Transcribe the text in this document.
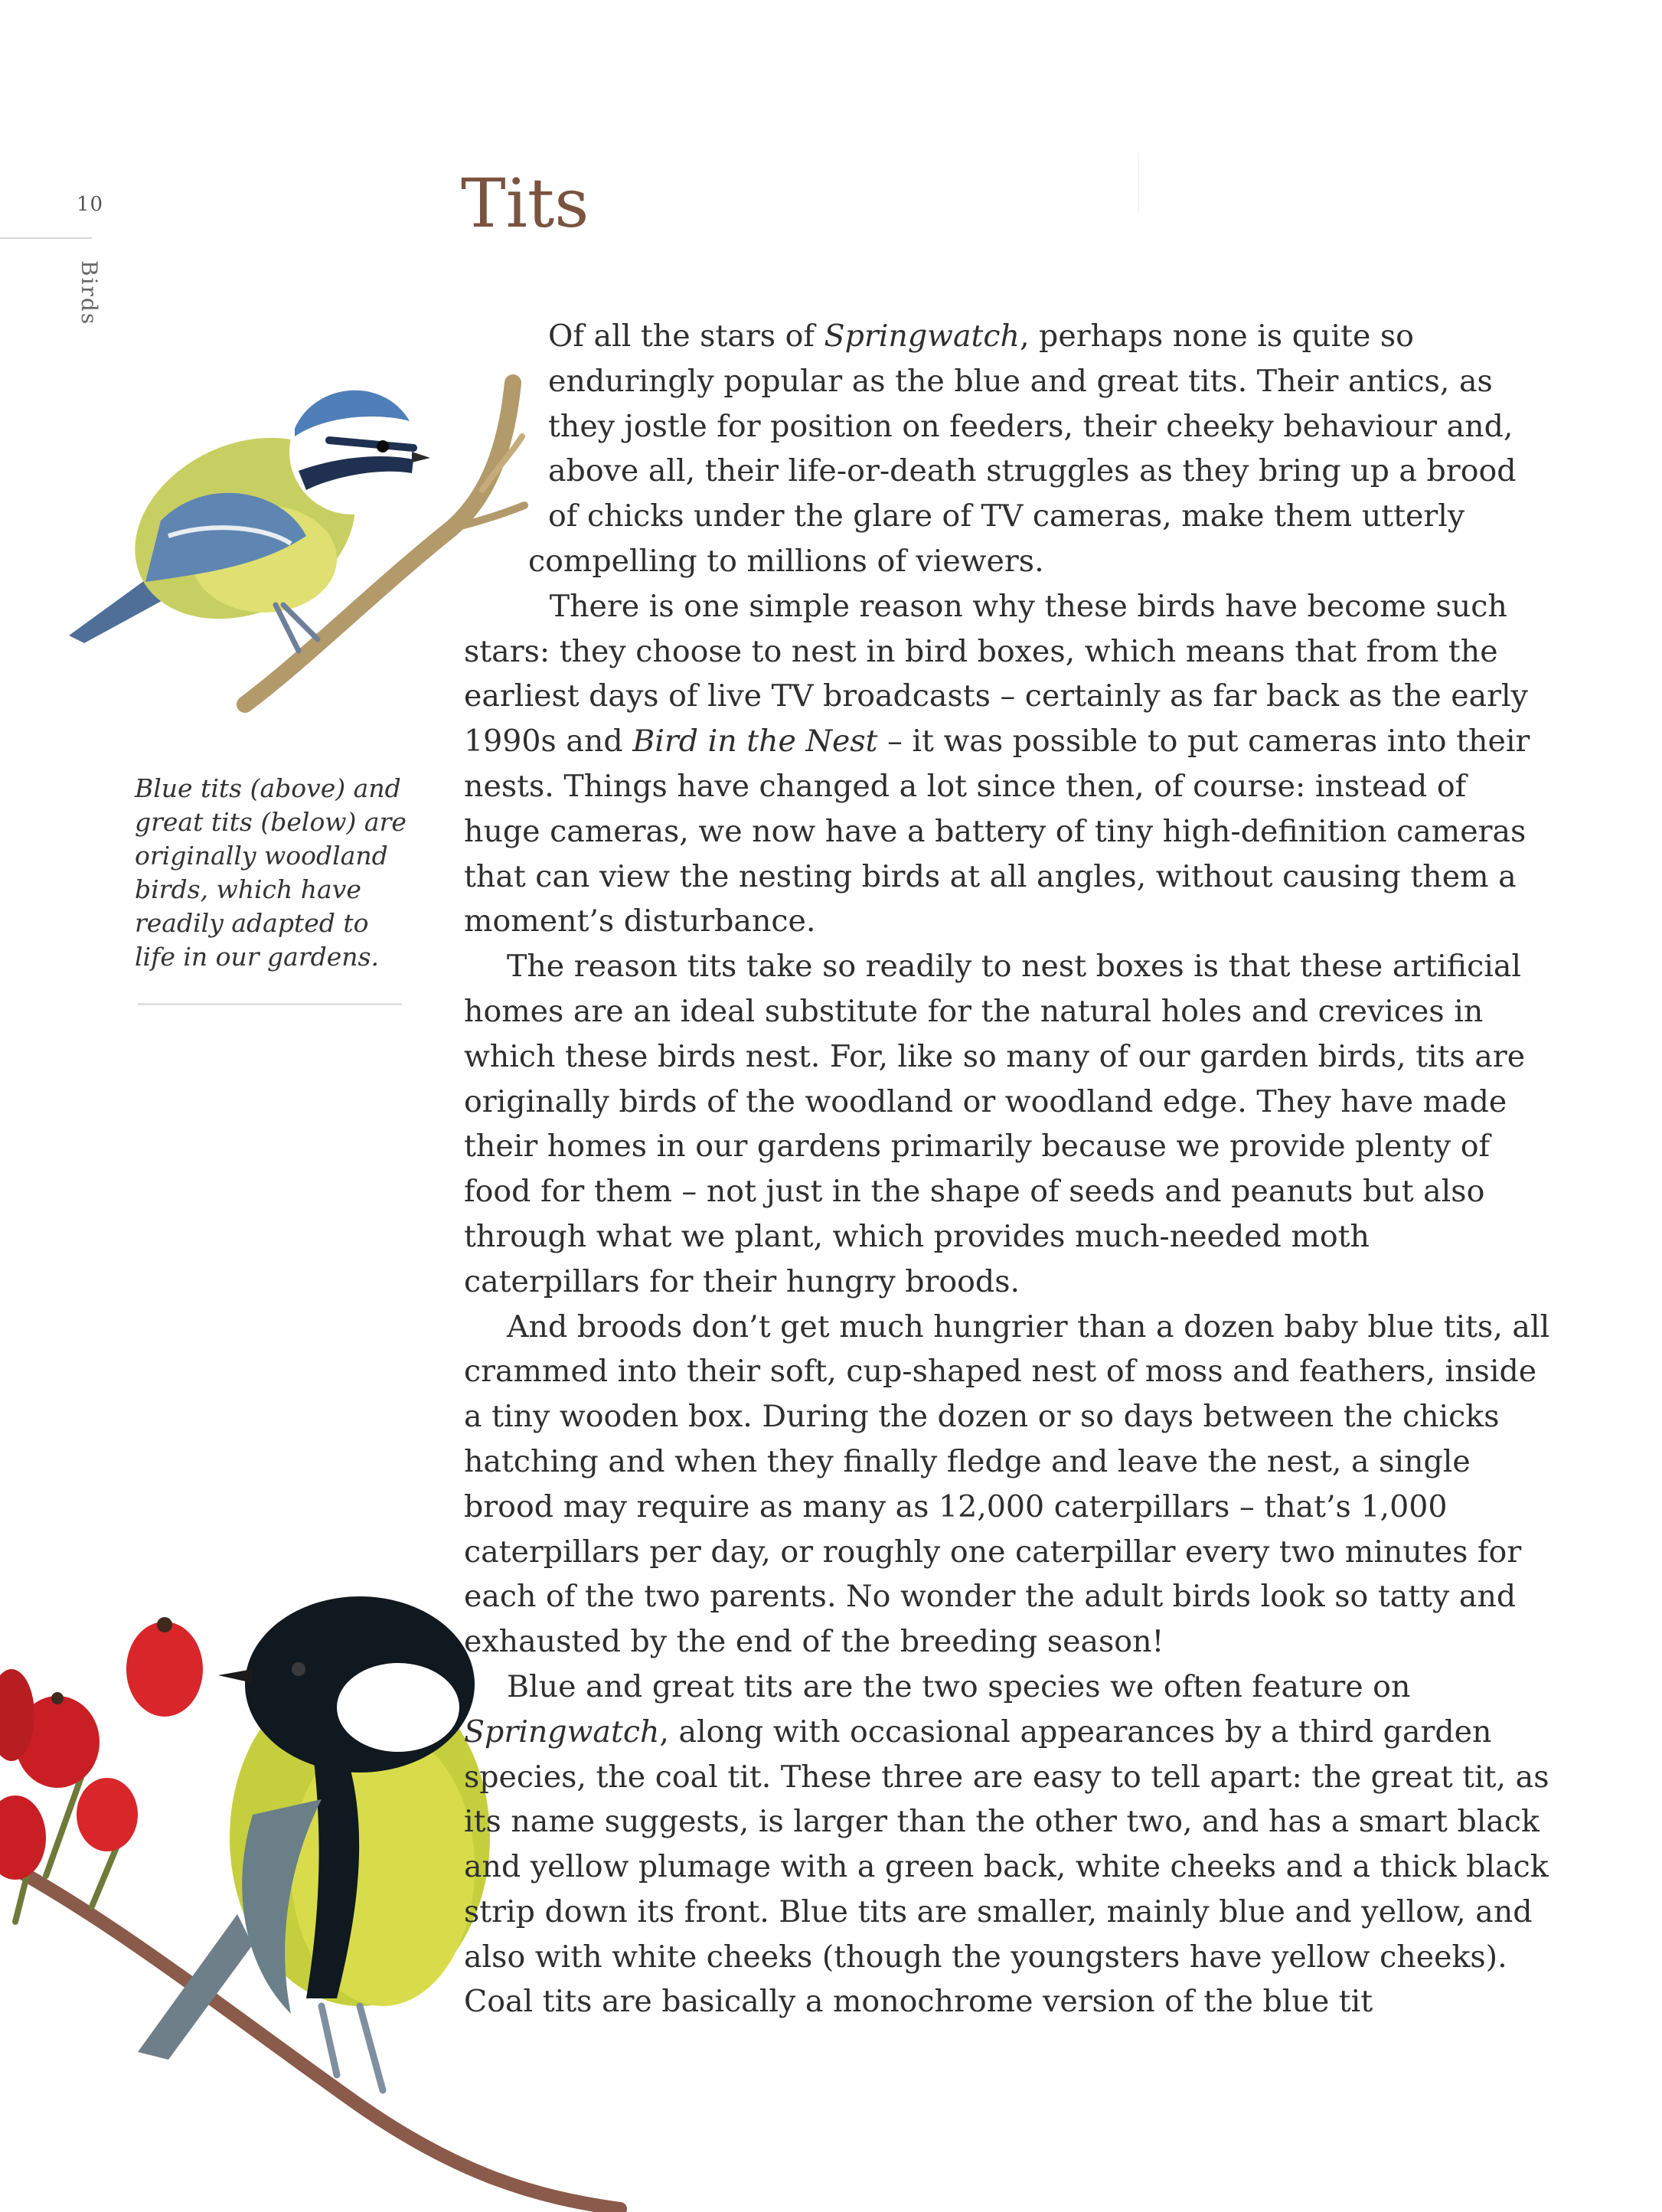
10
Birds
Tits

Blue tits (above) and great tits (below) are originally woodland birds, which have readily adapted to life in our gardens.

Of all the stars of Springwatch, perhaps none is quite so enduringly popular as the blue and great tits. Their antics, as they jostle for position on feeders, their cheeky behaviour and, above all, their life-or-death struggles as they bring up a brood of chicks under the glare of TV cameras, make them utterly compelling to millions of viewers.

There is one simple reason why these birds have become such stars: they choose to nest in bird boxes, which means that from the earliest days of live TV broadcasts – certainly as far back as the early 1990s and Bird in the Nest – it was possible to put cameras into their nests. Things have changed a lot since then, of course: instead of huge cameras, we now have a battery of tiny high-definition cameras that can view the nesting birds at all angles, without causing them a moment’s disturbance.

The reason tits take so readily to nest boxes is that these artificial homes are an ideal substitute for the natural holes and crevices in which these birds nest. For, like so many of our garden birds, tits are originally birds of the woodland or woodland edge. They have made their homes in our gardens primarily because we provide plenty of food for them – not just in the shape of seeds and peanuts but also through what we plant, which provides much-needed moth caterpillars for their hungry broods.

And broods don’t get much hungrier than a dozen baby blue tits, all crammed into their soft, cup-shaped nest of moss and feathers, inside a tiny wooden box. During the dozen or so days between the chicks hatching and when they finally fledge and leave the nest, a single brood may require as many as 12,000 caterpillars – that’s 1,000 caterpillars per day, or roughly one caterpillar every two minutes for each of the two parents. No wonder the adult birds look so tatty and exhausted by the end of the breeding season!

Blue and great tits are the two species we often feature on Springwatch, along with occasional appearances by a third garden species, the coal tit. These three are easy to tell apart: the great tit, as its name suggests, is larger than the other two, and has a smart black and yellow plumage with a green back, white cheeks and a thick black strip down its front. Blue tits are smaller, mainly blue and yellow, and also with white cheeks (though the youngsters have yellow cheeks). Coal tits are basically a monochrome version of the blue tit
